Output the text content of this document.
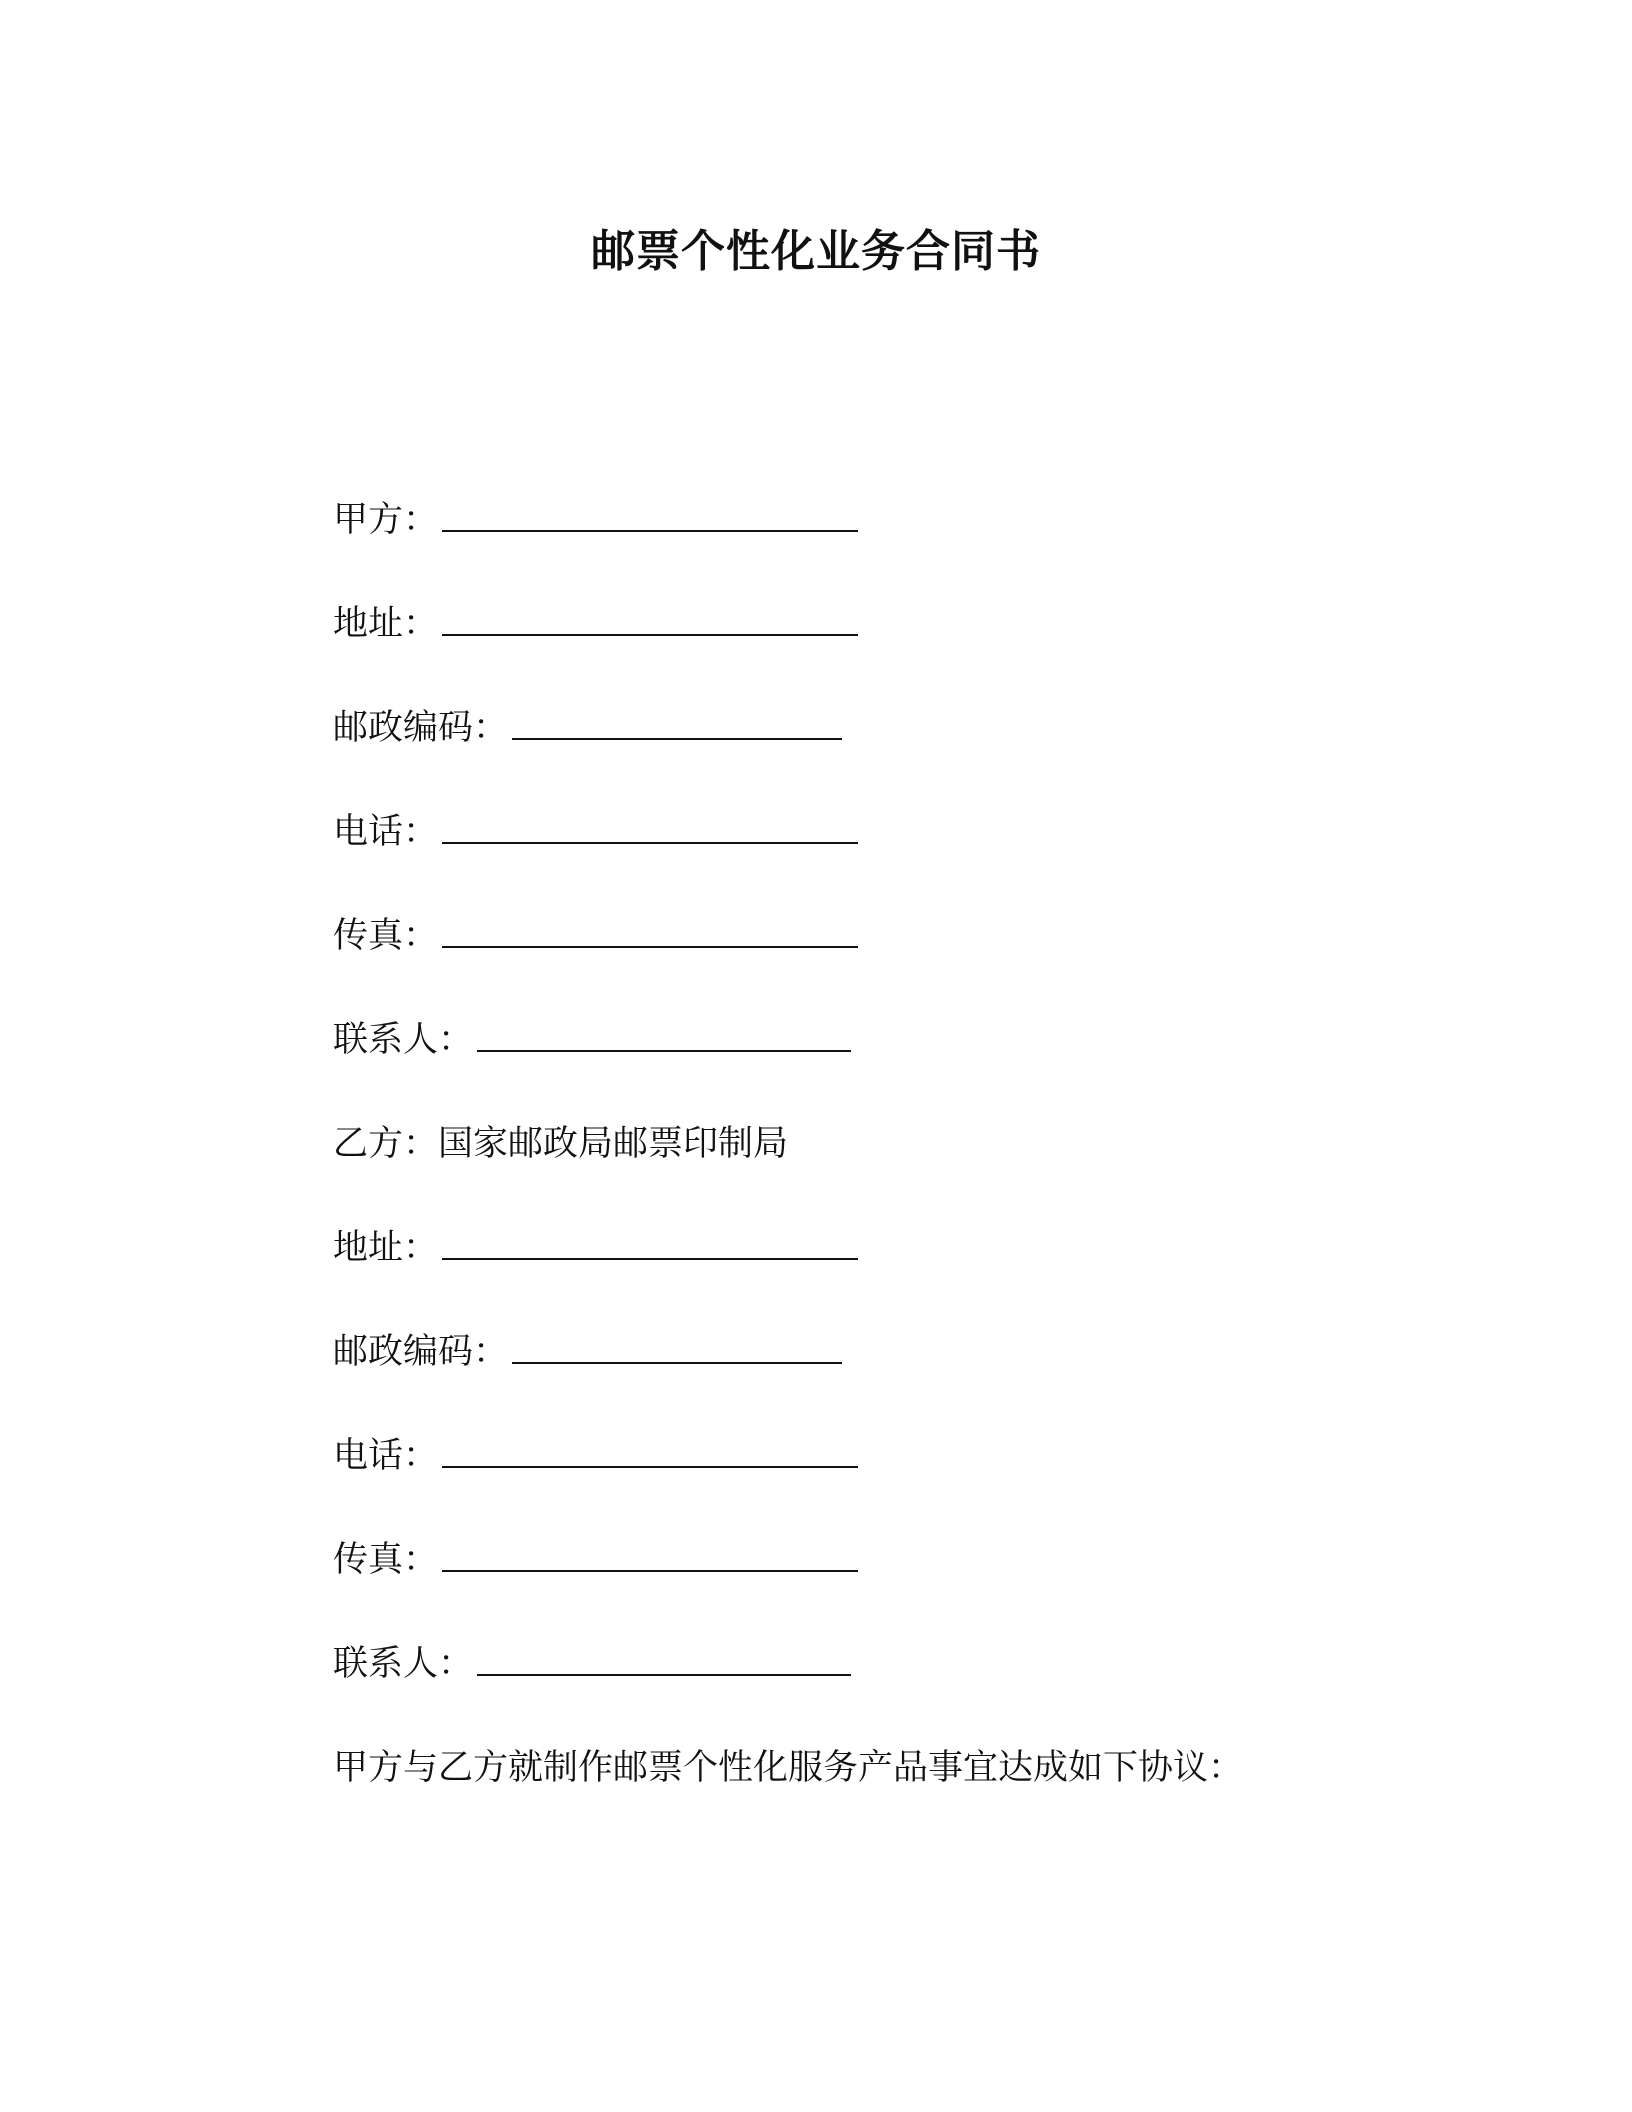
邮票个性化业务合同书
甲方：
地址：
邮政编码：
电话：
传真：
联系人：
乙方：国家邮政局邮票印制局
地址：
邮政编码：
电话：
传真：
联系人：
甲方与乙方就制作邮票个性化服务产品事宜达成如下协议：
